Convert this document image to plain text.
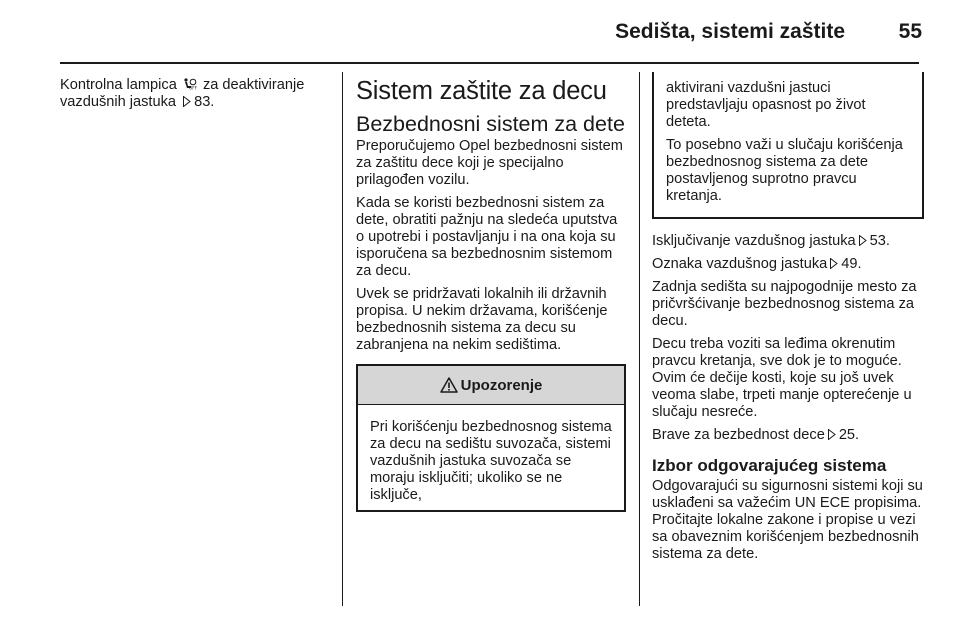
Sedišta, sistemi zaštite	55

Kontrolna lampica	OFF za deaktiviranje vazdušnih jastuka 83.	Sistem zaštite za decu
Bezbednosni sistem za dete

Preporučujemo Opel bezbednosni sistem za zaštitu dece koji je specijalno prilagođen vozilu.

Kada se koristi bezbednosni sistem za dete, obratiti pažnju na sledeća uputstva o upotrebi i postavljanju i na ona koja su isporučena sa bezbednosnim sistemom za decu.

Uvek se pridržavati lokalnih ili državnih propisa. U nekim državama, korišćenje bezbednosnih sistema za decu su zabranjena na nekim sedištima.

Upozorenje
Pri korišćenju bezbednosnog sistema za decu na sedištu suvozača, sistemi vazdušnih jastuka suvozača se moraju isključiti; ukoliko se ne isključe,

aktivirani vazdušni jastuci predstavljaju opasnost po život deteta.

To posebno važi u slučaju korišćenja bezbednosnog sistema za dete postavljenog suprotno pravcu kretanja.

Isključivanje vazdušnog jastuka 53.

Oznaka vazdušnog jastuka 49.

Zadnja sedišta su najpogodnije mesto za pričvršćivanje bezbednosnog sistema za decu.

Decu treba voziti sa leđima okrenutim pravcu kretanja, sve dok je to moguće. Ovim će dečije kosti, koje su još uvek veoma slabe, trpeti manje opterećenje u slučaju nesreće.

Brave za bezbednost dece 25.

Izbor odgovarajućeg sistema

Odgovarajući su sigurnosni sistemi koji su usklađeni sa važećim UN ECE propisima. Pročitajte lokalne zakone i propise u vezi sa obaveznim korišćenjem bezbednosnih sistema za dete.
